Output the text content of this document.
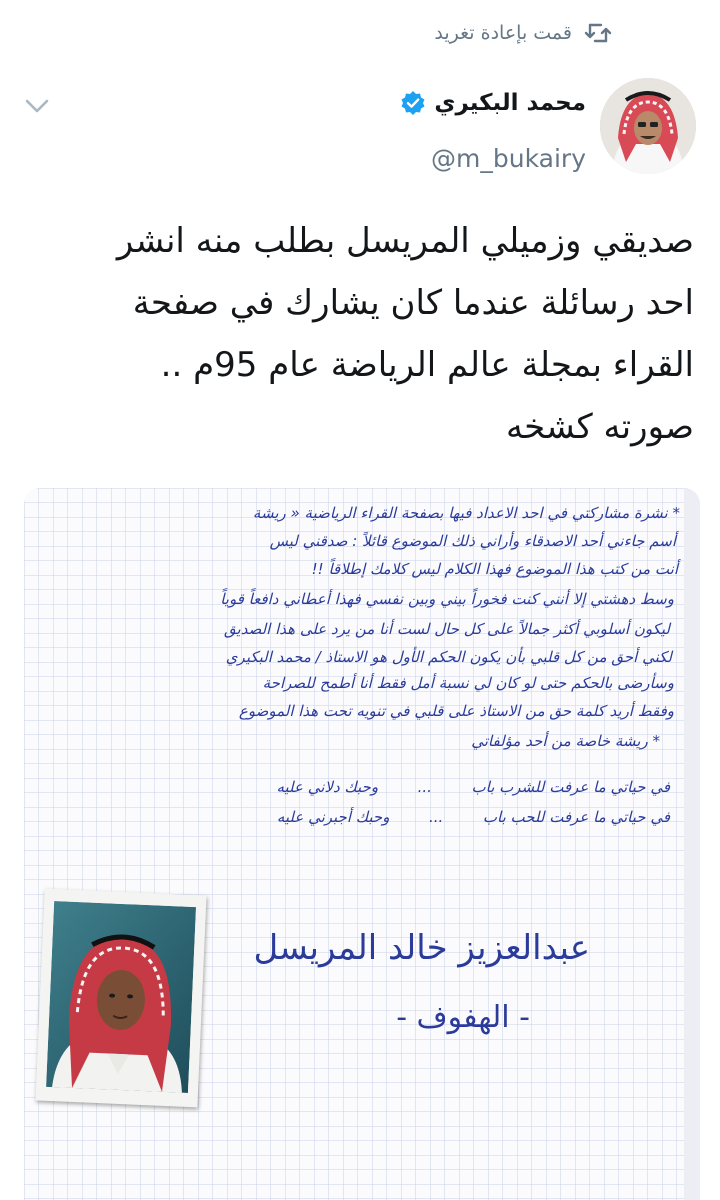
قمت بإعادة تغريد
محمد البكيري
@m_bukairy
صديقي وزميلي المريسل بطلب منه انشر
احد رسائلة عندما كان يشارك في صفحة
القراء بمجلة عالم الرياضة عام 95م ..
صورته كشخه
* نشرة مشاركتي في احد الاعداد فيها بصفحة القراء الرياضية « ريشة
أسم جاءني أحد الاصدقاء وأراني ذلك الموضوع قائلاً : صدقني ليس
أنت من كتب هذا الموضوع فهذا الكلام ليس كلامك إطلاقاً !!
وسط دهشتي إلا أنني كنت فخوراً بيني وبين نفسي فهذا أعطاني دافعاً قوياً
ليكون أسلوبي أكثر جمالاً على كل حال لست أنا من يرد على هذا الصديق
لكني أحق من كل قلبي بأن يكون الحكم الأول هو الاستاذ / محمد البكيري
وسأرضى بالحكم حتى لو كان لي نسبة أمل فقط أنا أطمح للصراحة
وفقط أريد كلمة حق من الاستاذ على قلبي في تنويه تحت هذا الموضوع
* ريشة خاصة من أحد مؤلفاتي
في حياتي ما عرفت للشرب باب  ...  وحبك دلاني عليه
في حياتي ما عرفت للحب باب  ...  وحبك أجبرني عليه
عبدالعزيز خالد المريسل
- الهفوف -
